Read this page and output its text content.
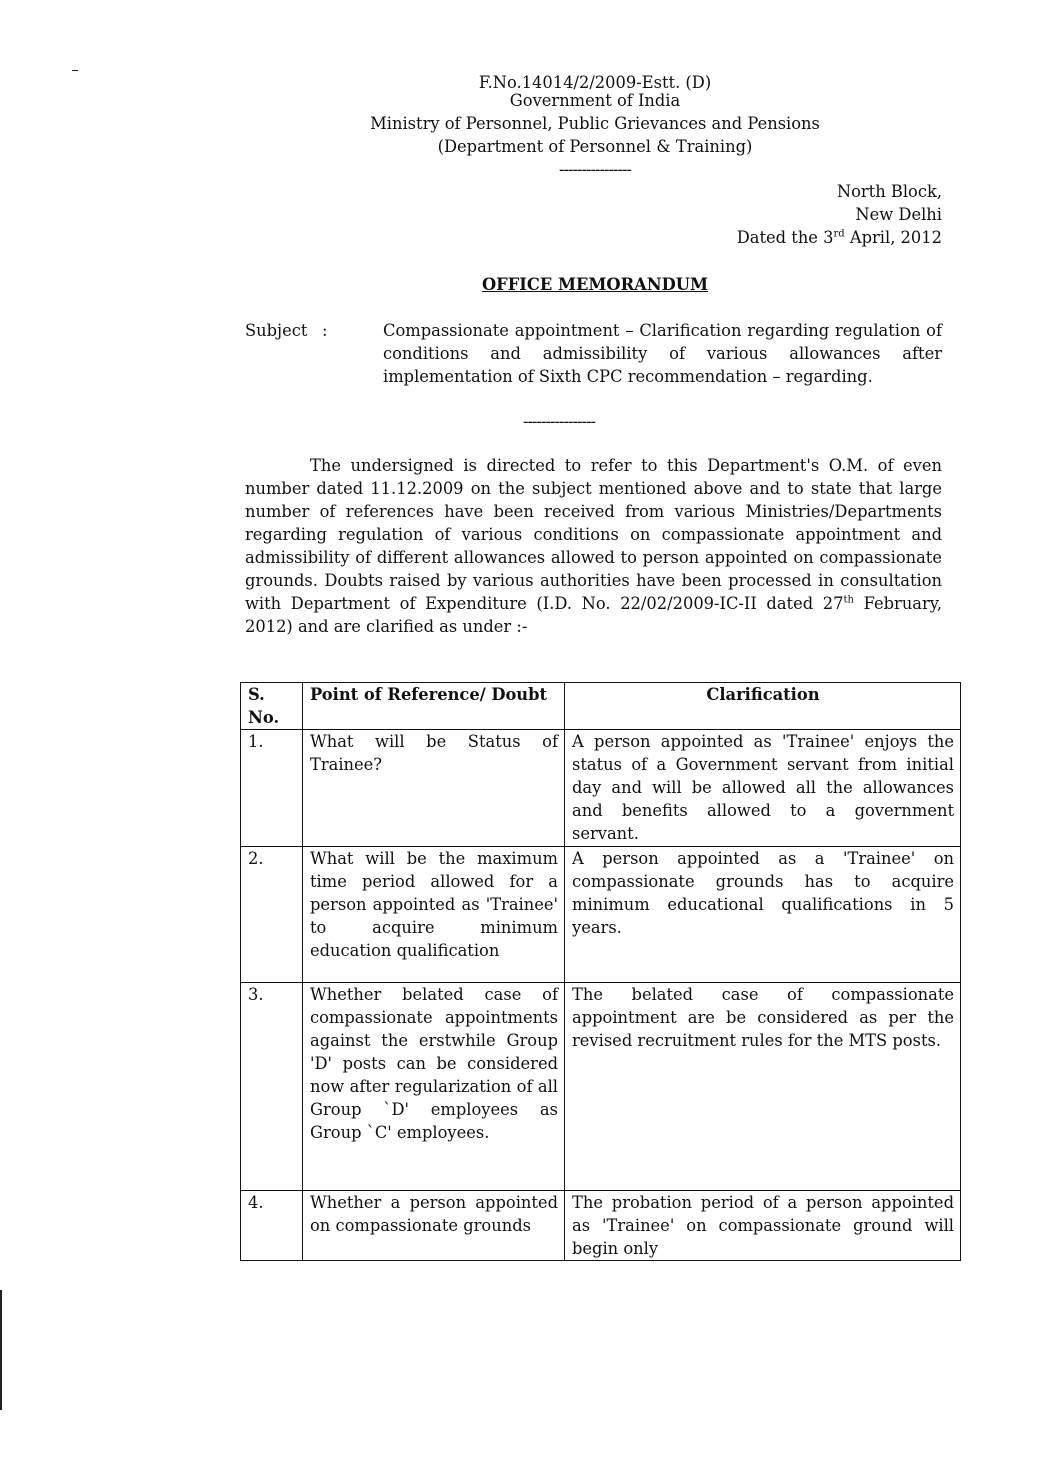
F.No.14014/2/2009-Estt. (D)
Government of India
Ministry of Personnel, Public Grievances and Pensions
(Department of Personnel & Training)
----------------
North Block,
New Delhi
Dated the 3rd April, 2012
OFFICE MEMORANDUM
Subject :	Compassionate appointment – Clarification regarding regulation of conditions and admissibility of various allowances after implementation of Sixth CPC recommendation – regarding.
----------------
The undersigned is directed to refer to this Department's O.M. of even number dated 11.12.2009 on the subject mentioned above and to state that large number of references have been received from various Ministries/Departments regarding regulation of various conditions on compassionate appointment and admissibility of different allowances allowed to person appointed on compassionate grounds. Doubts raised by various authorities have been processed in consultation with Department of Expenditure (I.D. No. 22/02/2009-IC-II dated 27th February, 2012) and are clarified as under :-
S. No.	Point of Reference/ Doubt	Clarification
1.	What will be Status of Trainee?	A person appointed as 'Trainee' enjoys the status of a Government servant from initial day and will be allowed all the allowances and benefits allowed to a government servant.
2.	What will be the maximum time period allowed for a person appointed as 'Trainee' to acquire minimum education qualification	A person appointed as a 'Trainee' on compassionate grounds has to acquire minimum educational qualifications in 5 years.
3.	Whether belated case of compassionate appointments against the erstwhile Group 'D' posts can be considered now after regularization of all Group `D' employees as Group `C' employees.	The belated case of compassionate appointment are be considered as per the revised recruitment rules for the MTS posts.
4.	Whether a person appointed on compassionate grounds	The probation period of a person appointed as 'Trainee' on compassionate ground will begin only
